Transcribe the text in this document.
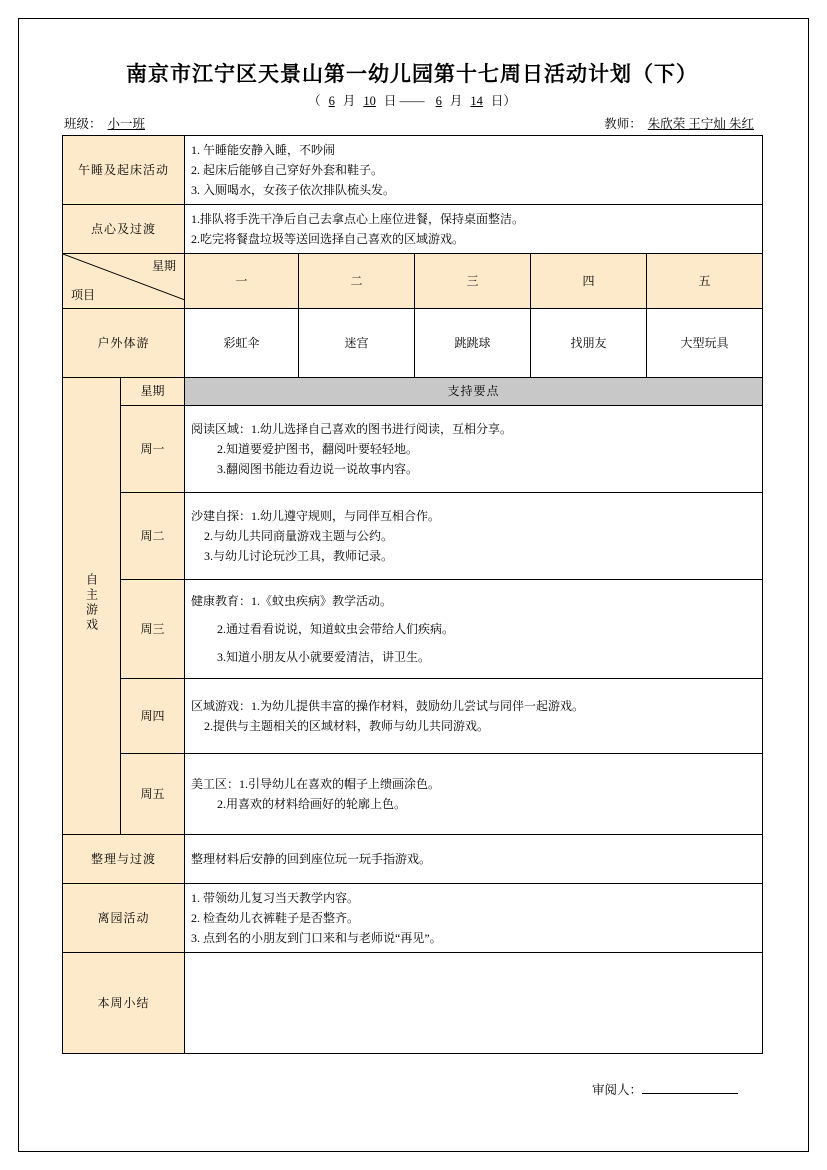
南京市江宁区天景山第一幼儿园第十七周日活动计划（下）
（ 6 月 10 日 —— 6 月 14 日）
班级： 小一班	教师： 朱欣荣 王宁灿 朱红
午睡及起床活动		1. 午睡能安静入睡，不吵闹

2. 起床后能够自己穿好外套和鞋子。

3. 入厕喝水，女孩子依次排队梳头发。				

点心及过渡		1.排队将手洗干净后自己去拿点心上座位进餐，保持桌面整洁。

2.吃完将餐盘垃圾等送回选择自己喜欢的区域游戏。				

星期
项目		一	二	三	四	五
户外体游		彩虹伞	迷宫	跳跳球	找朋友	大型玩具
自主游戏	星期	支持要点				
	周一	阅读区域：1.幼儿选择自己喜欢的图书进行阅读，互相分享。

2.知道要爱护图书，翻阅叶要轻轻地。

3.翻阅图书能边看边说一说故事内容。				

	周二	沙建自探：1.幼儿遵守规则，与同伴互相合作。

2.与幼儿共同商量游戏主题与公约。

3.与幼儿讨论玩沙工具，教师记录。				

	周三	健康教育：1.《蚊虫疾病》教学活动。

2.通过看看说说，知道蚊虫会带给人们疾病。

3.知道小朋友从小就要爱清洁，讲卫生。				

	周四	区域游戏：1.为幼儿提供丰富的操作材料，鼓励幼儿尝试与同伴一起游戏。

2.提供与主题相关的区域材料，教师与幼儿共同游戏。				

	周五	美工区：1.引导幼儿在喜欢的帽子上缋画涂色。

2.用喜欢的材料给画好的轮廓上色。				

整理与过渡		整理材料后安静的回到座位玩一玩手指游戏。				

离园活动		1. 带领幼儿复习当天教学内容。

2. 检查幼儿衣裤鞋子是否整齐。

3. 点到名的小朋友到门口来和与老师说“再见”。				

本周小结						
审阅人：
